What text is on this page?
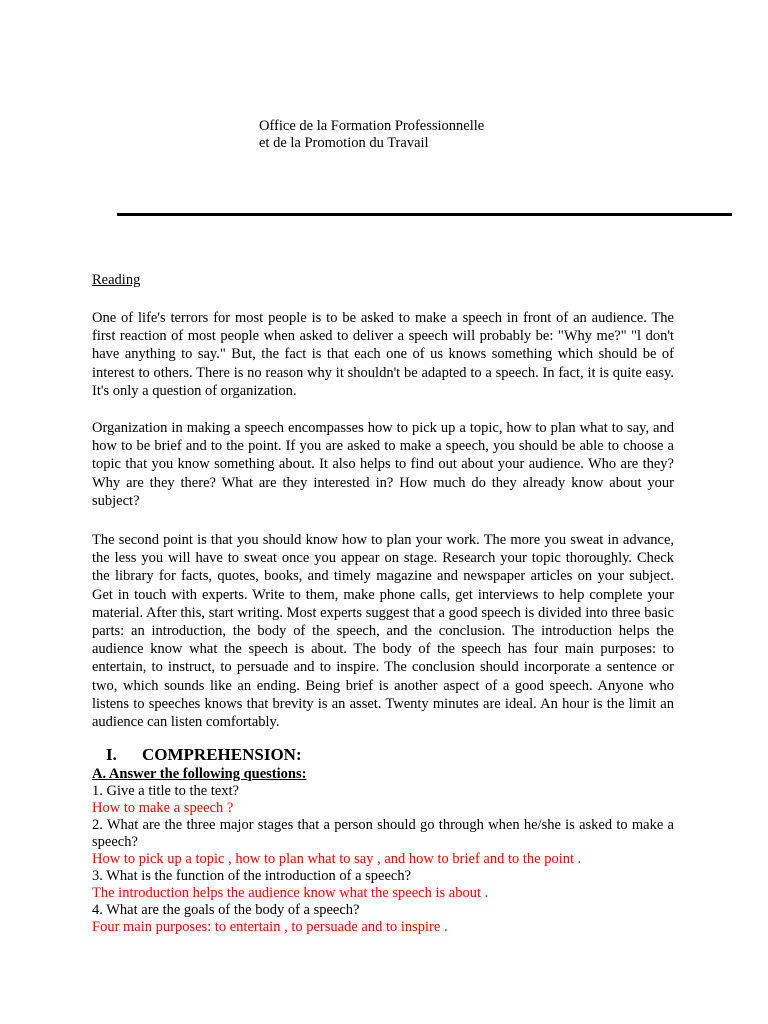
Office de la Formation Professionnelle
et de la Promotion du Travail
Reading
One of life's terrors for most people is to be asked to make a speech in front of an audience. The first reaction of most people when asked to deliver a speech will probably be: "Why me?" "l don't have anything to say." But, the fact is that each one of us knows something which should be of interest to others. There is no reason why it shouldn't be adapted to a speech. In fact, it is quite easy. It's only a question of organization.
Organization in making a speech encompasses how to pick up a topic, how to plan what to say, and how to be brief and to the point. If you are asked to make a speech, you should be able to choose a topic that you know something about. It also helps to find out about your audience. Who are they? Why are they there? What are they interested in? How much do they already know about your subject?
The second point is that you should know how to plan your work. The more you sweat in advance, the less you will have to sweat once you appear on stage. Research your topic thoroughly. Check the library for facts, quotes, books, and timely magazine and newspaper articles on your subject. Get in touch with experts. Write to them, make phone calls, get interviews to help complete your material. After this, start writing. Most experts suggest that a good speech is divided into three basic parts: an introduction, the body of the speech, and the conclusion. The introduction helps the audience know what the speech is about. The body of the speech has four main purposes: to entertain, to instruct, to persuade and to inspire. The conclusion should incorporate a sentence or two, which sounds like an ending. Being brief is another aspect of a good speech. Anyone who listens to speeches knows that brevity is an asset. Twenty minutes are ideal. An hour is the limit an audience can listen comfortably.
I.	COMPREHENSION:
A. Answer the following questions:
1. Give a title to the text?
How to make a speech ?
2. What are the three major stages that a person should go through when he/she is asked to make a speech?
How to pick up a topic , how to plan what to say , and how to brief and to the point .
3. What is the function of the introduction of a speech?
The introduction helps the audience know what the speech is about .
4. What are the goals of the body of a speech?
Four main purposes: to entertain , to persuade and to inspire .
